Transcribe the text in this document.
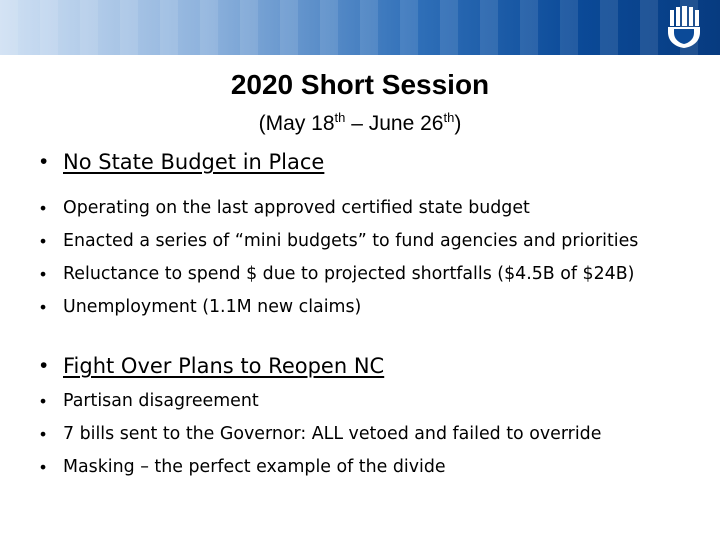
2020 Short Session
(May 18th – June 26th)
• No State Budget in Place
• Operating on the last approved certified state budget
• Enacted a series of “mini budgets” to fund agencies and priorities
• Reluctance to spend $ due to projected shortfalls ($4.5B of $24B)
• Unemployment (1.1M new claims)
• Fight Over Plans to Reopen NC
• Partisan disagreement
• 7 bills sent to the Governor: ALL vetoed and failed to override
• Masking – the perfect example of the divide
